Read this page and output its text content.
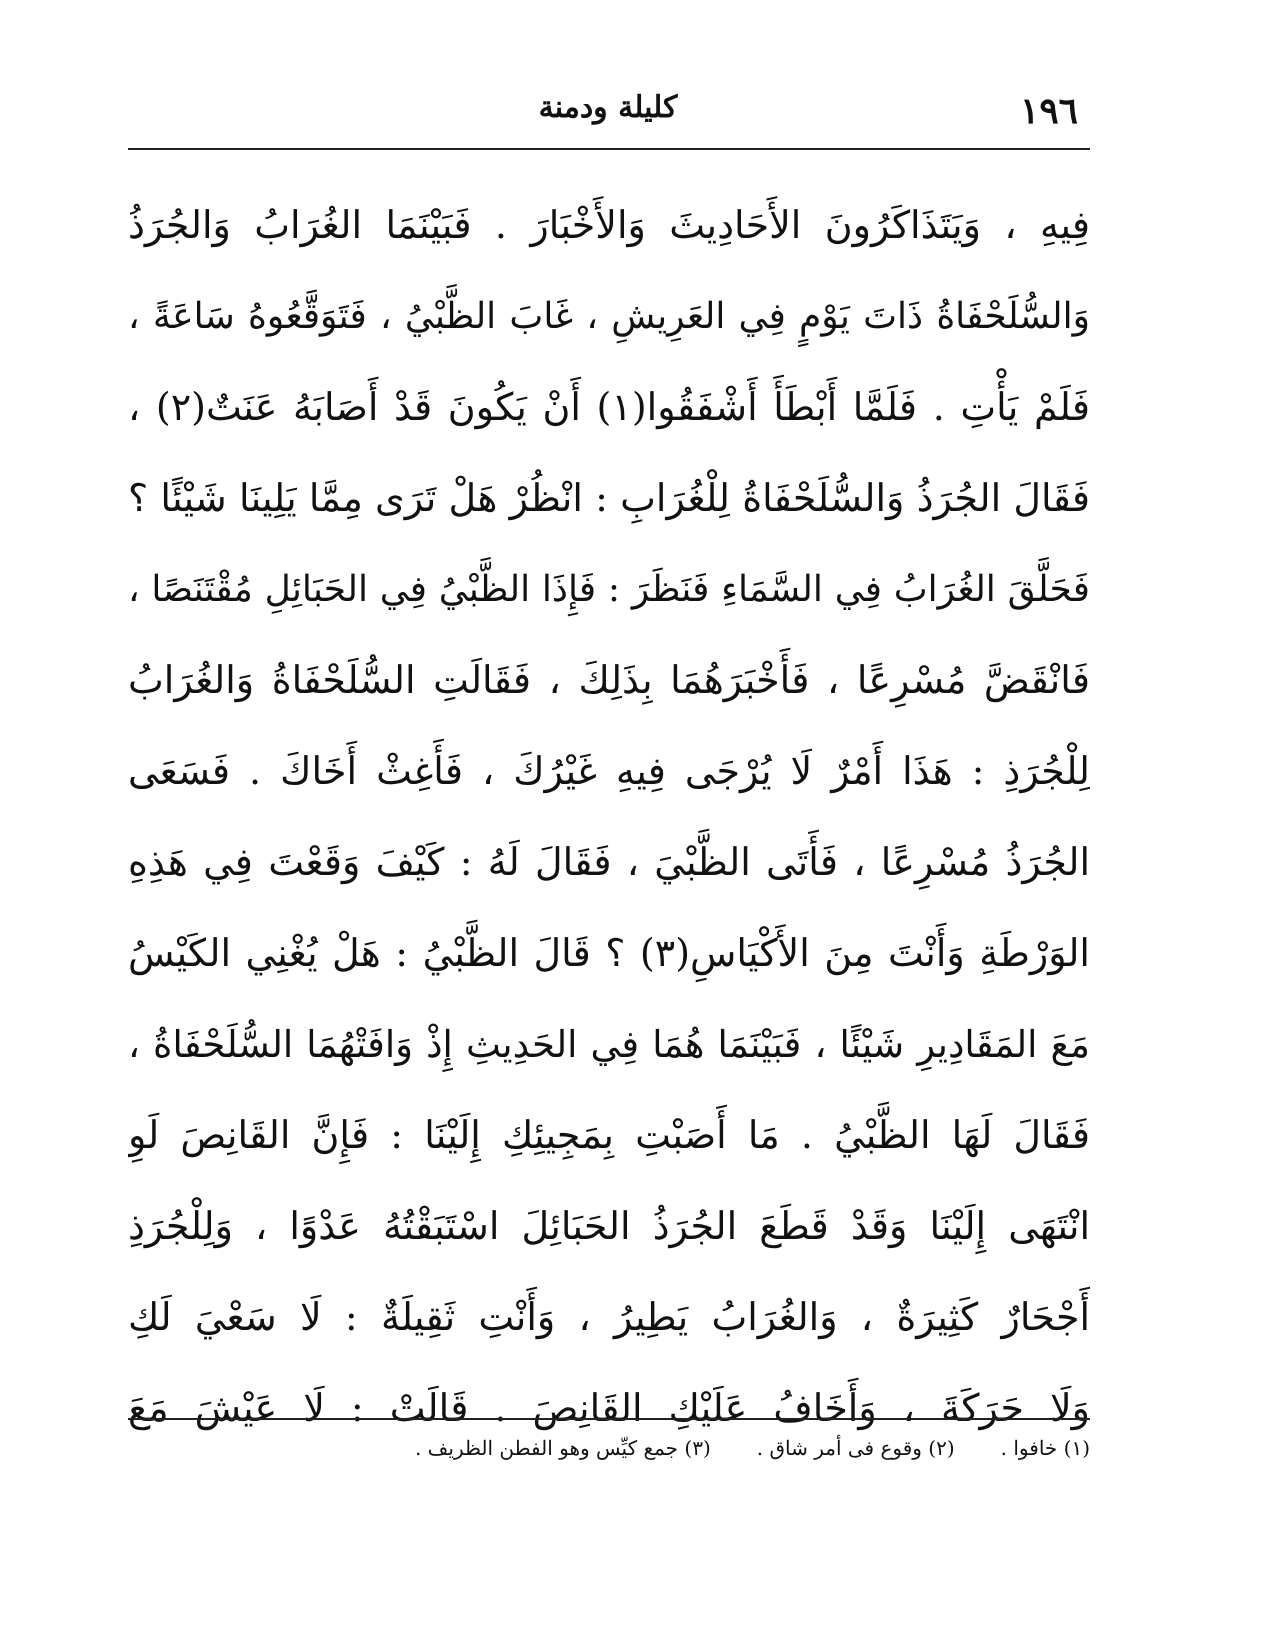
١٩٦
كليلة ودمنة
فِيهِ ، وَيَتَذَاكَرُونَ الأَحَادِيثَ وَالأَخْبَارَ . فَبَيْنَمَا الغُرَابُ وَالجُرَذُ
وَالسُّلَحْفَاةُ ذَاتَ يَوْمٍ فِي العَرِيشِ ، غَابَ الظَّبْيُ ، فَتَوَقَّعُوهُ سَاعَةً ،
فَلَمْ يَأْتِ . فَلَمَّا أَبْطَأَ أَشْفَقُوا(١) أَنْ يَكُونَ قَدْ أَصَابَهُ عَنَتٌ(٢) ،
فَقَالَ الجُرَذُ وَالسُّلَحْفَاةُ لِلْغُرَابِ : انْظُرْ هَلْ تَرَى مِمَّا يَلِينَا شَيْئًا ؟
فَحَلَّقَ الغُرَابُ فِي السَّمَاءِ فَنَظَرَ : فَإِذَا الظَّبْيُ فِي الحَبَائِلِ مُقْتَنَصًا ،
فَانْقَضَّ مُسْرِعًا ، فَأَخْبَرَهُمَا بِذَلِكَ ، فَقَالَتِ السُّلَحْفَاةُ وَالغُرَابُ
لِلْجُرَذِ : هَذَا أَمْرٌ لَا يُرْجَى فِيهِ غَيْرُكَ ، فَأَغِثْ أَخَاكَ . فَسَعَى
الجُرَذُ مُسْرِعًا ، فَأَتَى الظَّبْيَ ، فَقَالَ لَهُ : كَيْفَ وَقَعْتَ فِي هَذِهِ
الوَرْطَةِ وَأَنْتَ مِنَ الأَكْيَاسِ(٣) ؟ قَالَ الظَّبْيُ : هَلْ يُغْنِي الكَيْسُ
مَعَ المَقَادِيرِ شَيْئًا ، فَبَيْنَمَا هُمَا فِي الحَدِيثِ إِذْ وَافَتْهُمَا السُّلَحْفَاةُ ،
فَقَالَ لَهَا الظَّبْيُ . مَا أَصَبْتِ بِمَجِيئِكِ إِلَيْنَا : فَإِنَّ القَانِصَ لَوِ
انْتَهَى إِلَيْنَا وَقَدْ قَطَعَ الجُرَذُ الحَبَائِلَ اسْتَبَقْتُهُ عَدْوًا ، وَلِلْجُرَذِ
أَجْحَارٌ كَثِيرَةٌ ، وَالغُرَابُ يَطِيرُ ، وَأَنْتِ ثَقِيلَةٌ : لَا سَعْيَ لَكِ
وَلَا حَرَكَةَ ، وَأَخَافُ عَلَيْكِ القَانِصَ . قَالَتْ : لَا عَيْشَ مَعَ
(١) خافوا .
(٢) وقوع فى أمر شاق .
(٣) جمع كيِّس وهو الفطن الظريف .
